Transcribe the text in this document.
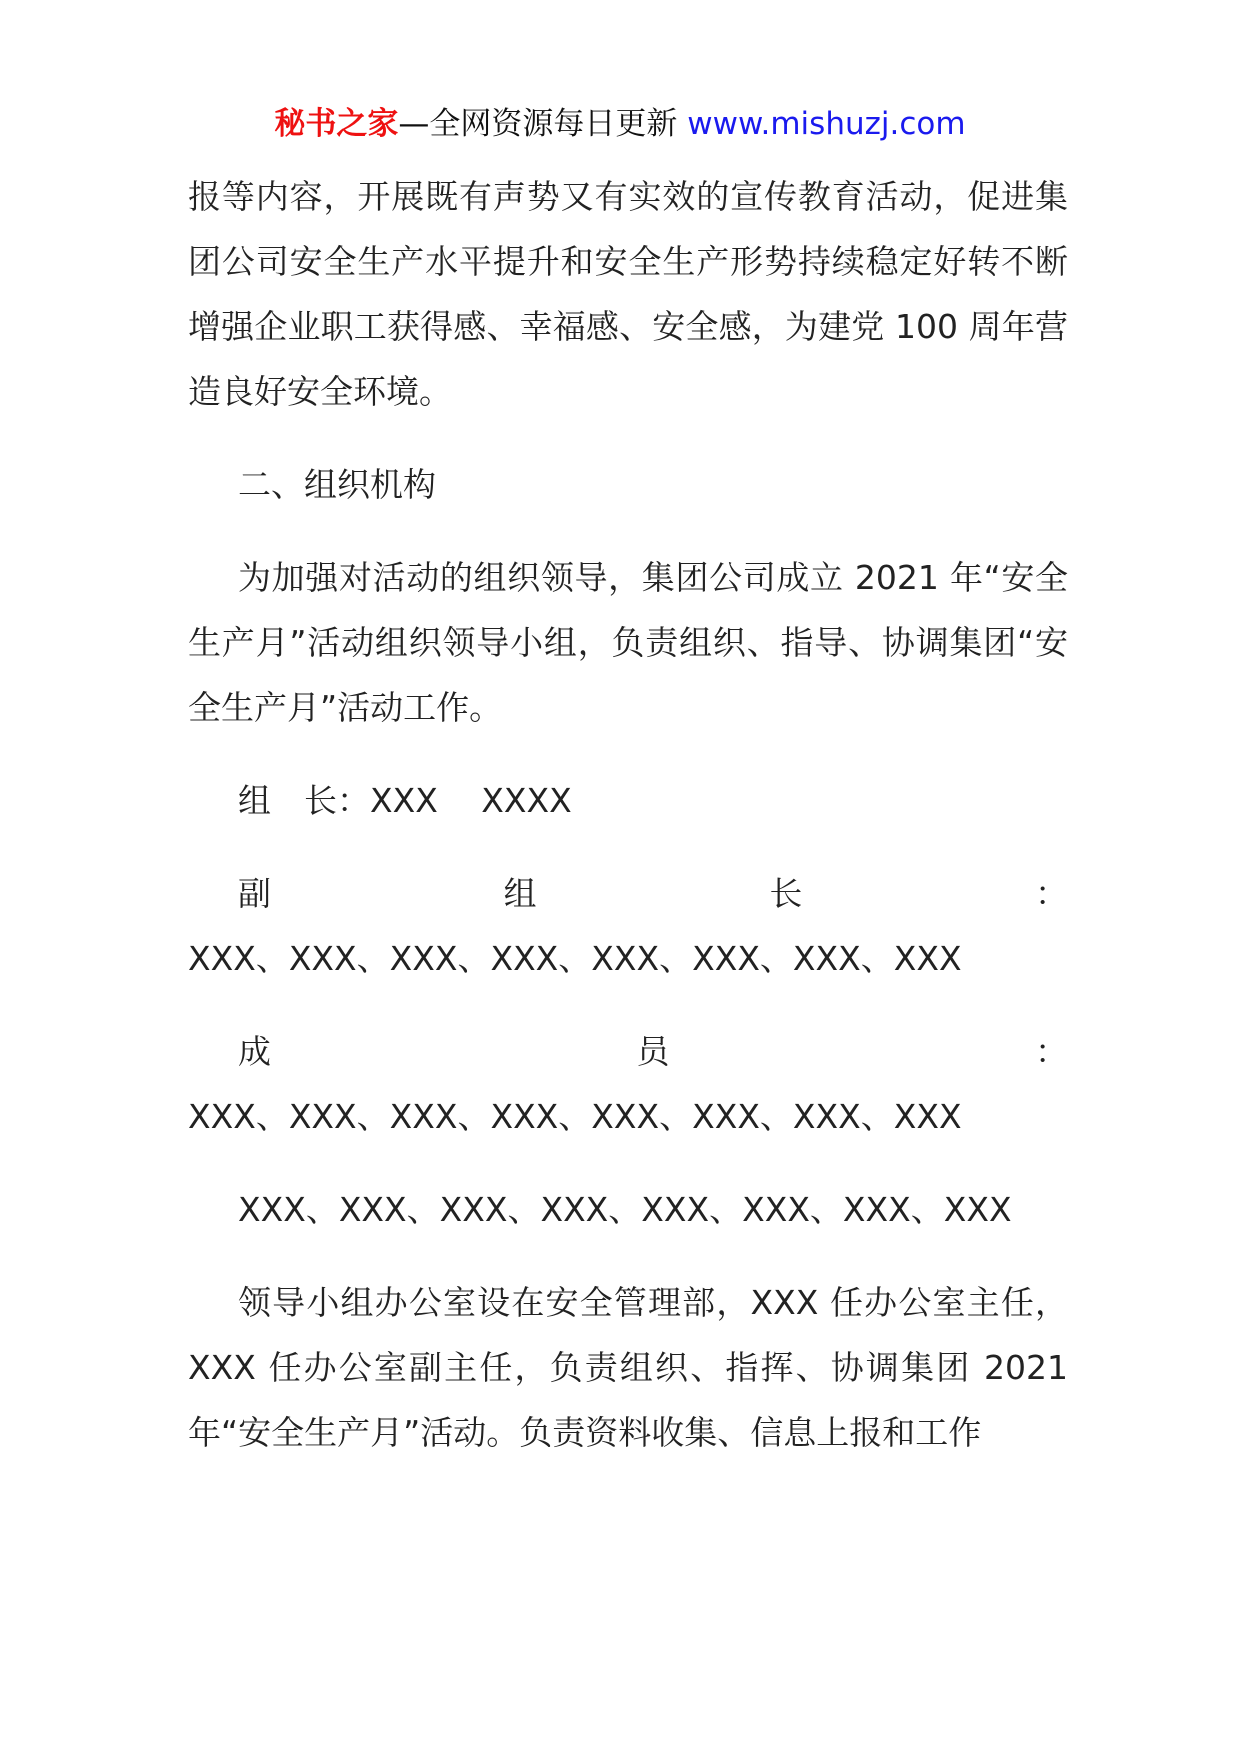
秘书之家—全网资源每日更新 www.mishuzj.com

报等内容，开展既有声势又有实效的宣传教育活动，促进集团公司安全生产水平提升和安全生产形势持续稳定好转不断增强企业职工获得感、幸福感、安全感，为建党 100 周年营造良好安全环境。

二、组织机构

为加强对活动的组织领导，集团公司成立 2021 年“安全生产月”活动组织领导小组，负责组织、指导、协调集团“安全生产月”活动工作。

组　长：XXX　 XXXX

副	组	长	：

XXX、XXX、XXX、XXX、XXX、XXX、XXX、XXX

成	员	：

XXX、XXX、XXX、XXX、XXX、XXX、XXX、XXX

XXX、XXX、XXX、XXX、XXX、XXX、XXX、XXX

领导小组办公室设在安全管理部，XXX 任办公室主任，XXX 任办公室副主任，负责组织、指挥、协调集团 2021 年“安全生产月”活动。负责资料收集、信息上报和工作
